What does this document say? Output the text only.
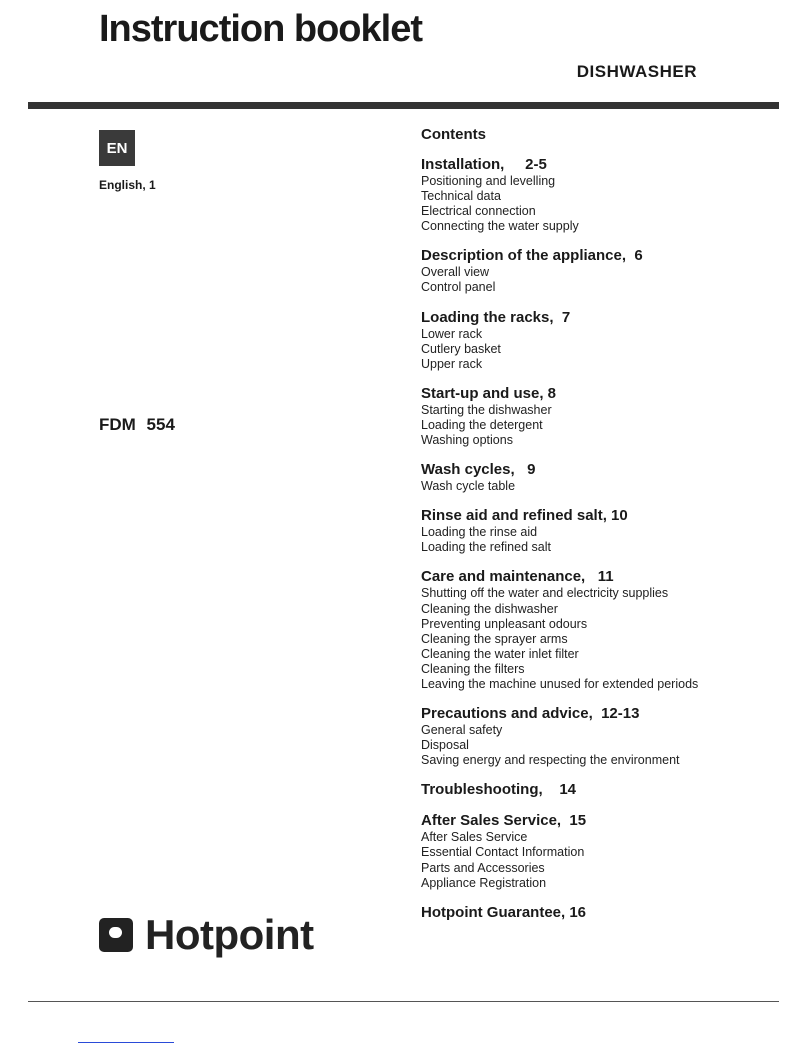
Instruction booklet
DISHWASHER
EN
English, 1
FDM 554
Contents
Installation,     2-5
Positioning and levelling
Technical data
Electrical connection
Connecting the water supply
Description of the appliance,  6
Overall view
Control panel
Loading the racks,  7
Lower rack
Cutlery basket
Upper rack
Start-up and use, 8
Starting the dishwasher
Loading the detergent
Washing options
Wash cycles,   9
Wash cycle table
Rinse aid and refined salt, 10
Loading the rinse aid
Loading the refined salt
Care and maintenance,   11
Shutting off the water and electricity supplies
Cleaning the dishwasher
Preventing unpleasant odours
Cleaning the sprayer arms
Cleaning the water inlet filter
Cleaning the filters
Leaving the machine unused for extended periods
Precautions and advice,  12-13
General safety
Disposal
Saving energy and respecting the environment
Troubleshooting,    14
After Sales Service,  15
After Sales Service
Essential Contact Information
Parts and Accessories
Appliance Registration
Hotpoint Guarantee, 16
Hotpoint
